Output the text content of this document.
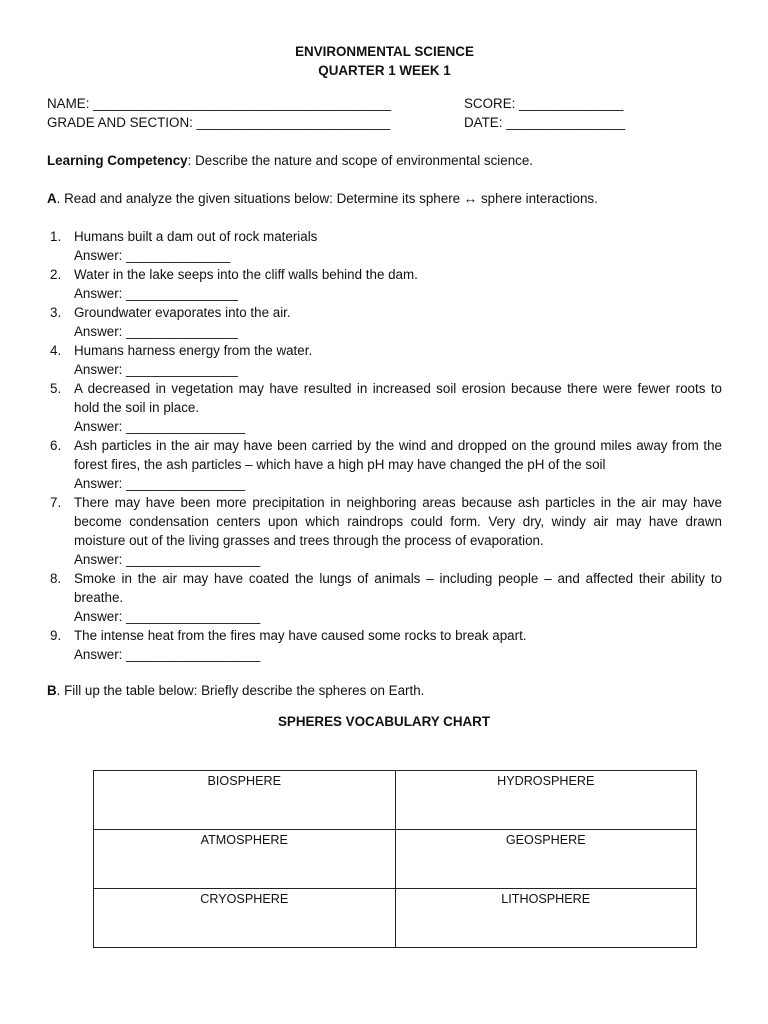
ENVIRONMENTAL SCIENCE
QUARTER 1 WEEK 1
NAME: ________________________________________	SCORE: ______________
GRADE AND SECTION: __________________________	DATE: ________________

Learning Competency: Describe the nature and scope of environmental science.

A. Read and analyze the given situations below: Determine its sphere ↔ sphere interactions.

1. Humans built a dam out of rock materials
Answer: ______________
2. Water in the lake seeps into the cliff walls behind the dam.
Answer: _______________
3. Groundwater evaporates into the air.
Answer: _______________
4. Humans harness energy from the water.
Answer: _______________
5. A decreased in vegetation may have resulted in increased soil erosion because there were fewer roots to hold the soil in place.
Answer: ________________
6. Ash particles in the air may have been carried by the wind and dropped on the ground miles away from the forest fires, the ash particles – which have a high pH may have changed the pH of the soil
Answer: ________________
7. There may have been more precipitation in neighboring areas because ash particles in the air may have become condensation centers upon which raindrops could form. Very dry, windy air may have drawn moisture out of the living grasses and trees through the process of evaporation.
Answer: __________________
8. Smoke in the air may have coated the lungs of animals – including people – and affected their ability to breathe.
Answer: __________________
9. The intense heat from the fires may have caused some rocks to break apart.
Answer: __________________

B. Fill up the table below: Briefly describe the spheres on Earth.

SPHERES VOCABULARY CHART
BIOSPHERE	HYDROSPHERE
ATMOSPHERE	GEOSPHERE
CRYOSPHERE	LITHOSPHERE
